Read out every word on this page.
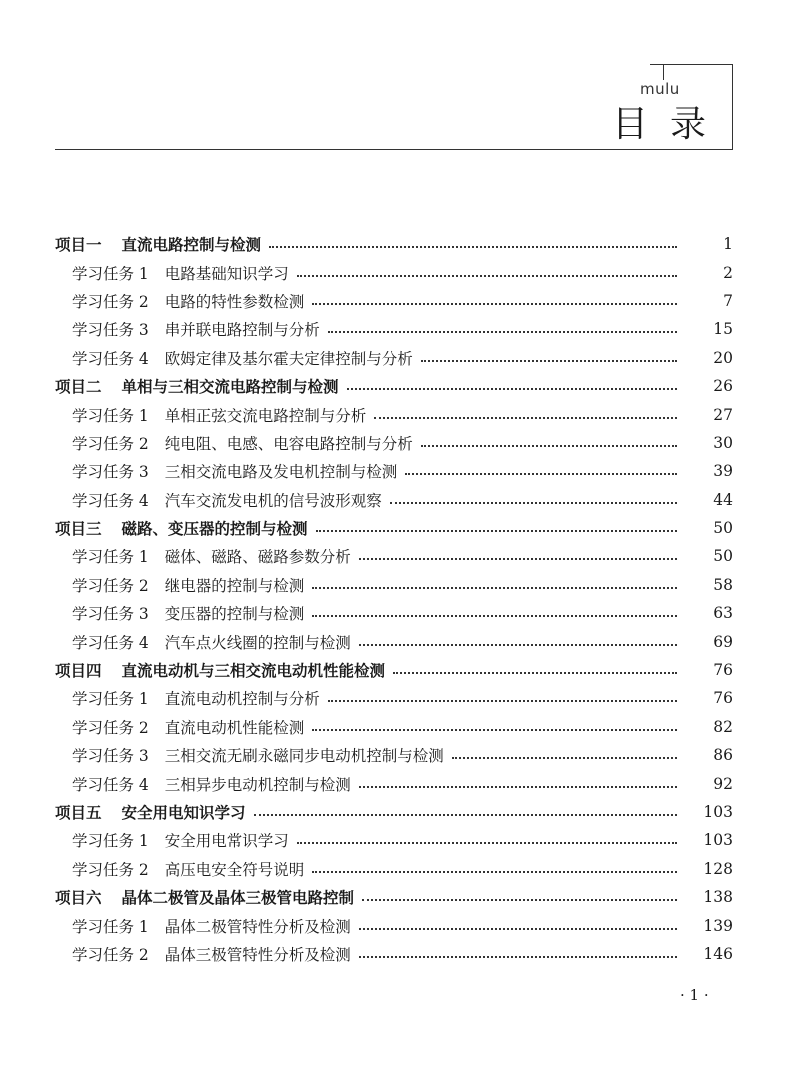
mulu
目录
项目一 直流电路控制与检测	1
学习任务 1 电路基础知识学习	2
学习任务 2 电路的特性参数检测	7
学习任务 3 串并联电路控制与分析	15
学习任务 4 欧姆定律及基尔霍夫定律控制与分析	20
项目二 单相与三相交流电路控制与检测	26
学习任务 1 单相正弦交流电路控制与分析	27
学习任务 2 纯电阻、电感、电容电路控制与分析	30
学习任务 3 三相交流电路及发电机控制与检测	39
学习任务 4 汽车交流发电机的信号波形观察	44
项目三 磁路、变压器的控制与检测	50
学习任务 1 磁体、磁路、磁路参数分析	50
学习任务 2 继电器的控制与检测	58
学习任务 3 变压器的控制与检测	63
学习任务 4 汽车点火线圈的控制与检测	69
项目四 直流电动机与三相交流电动机性能检测	76
学习任务 1 直流电动机控制与分析	76
学习任务 2 直流电动机性能检测	82
学习任务 3 三相交流无刷永磁同步电动机控制与检测	86
学习任务 4 三相异步电动机控制与检测	92
项目五 安全用电知识学习	103
学习任务 1 安全用电常识学习	103
学习任务 2 高压电安全符号说明	128
项目六 晶体二极管及晶体三极管电路控制	138
学习任务 1 晶体二极管特性分析及检测	139
学习任务 2 晶体三极管特性分析及检测	146
· 1 ·
